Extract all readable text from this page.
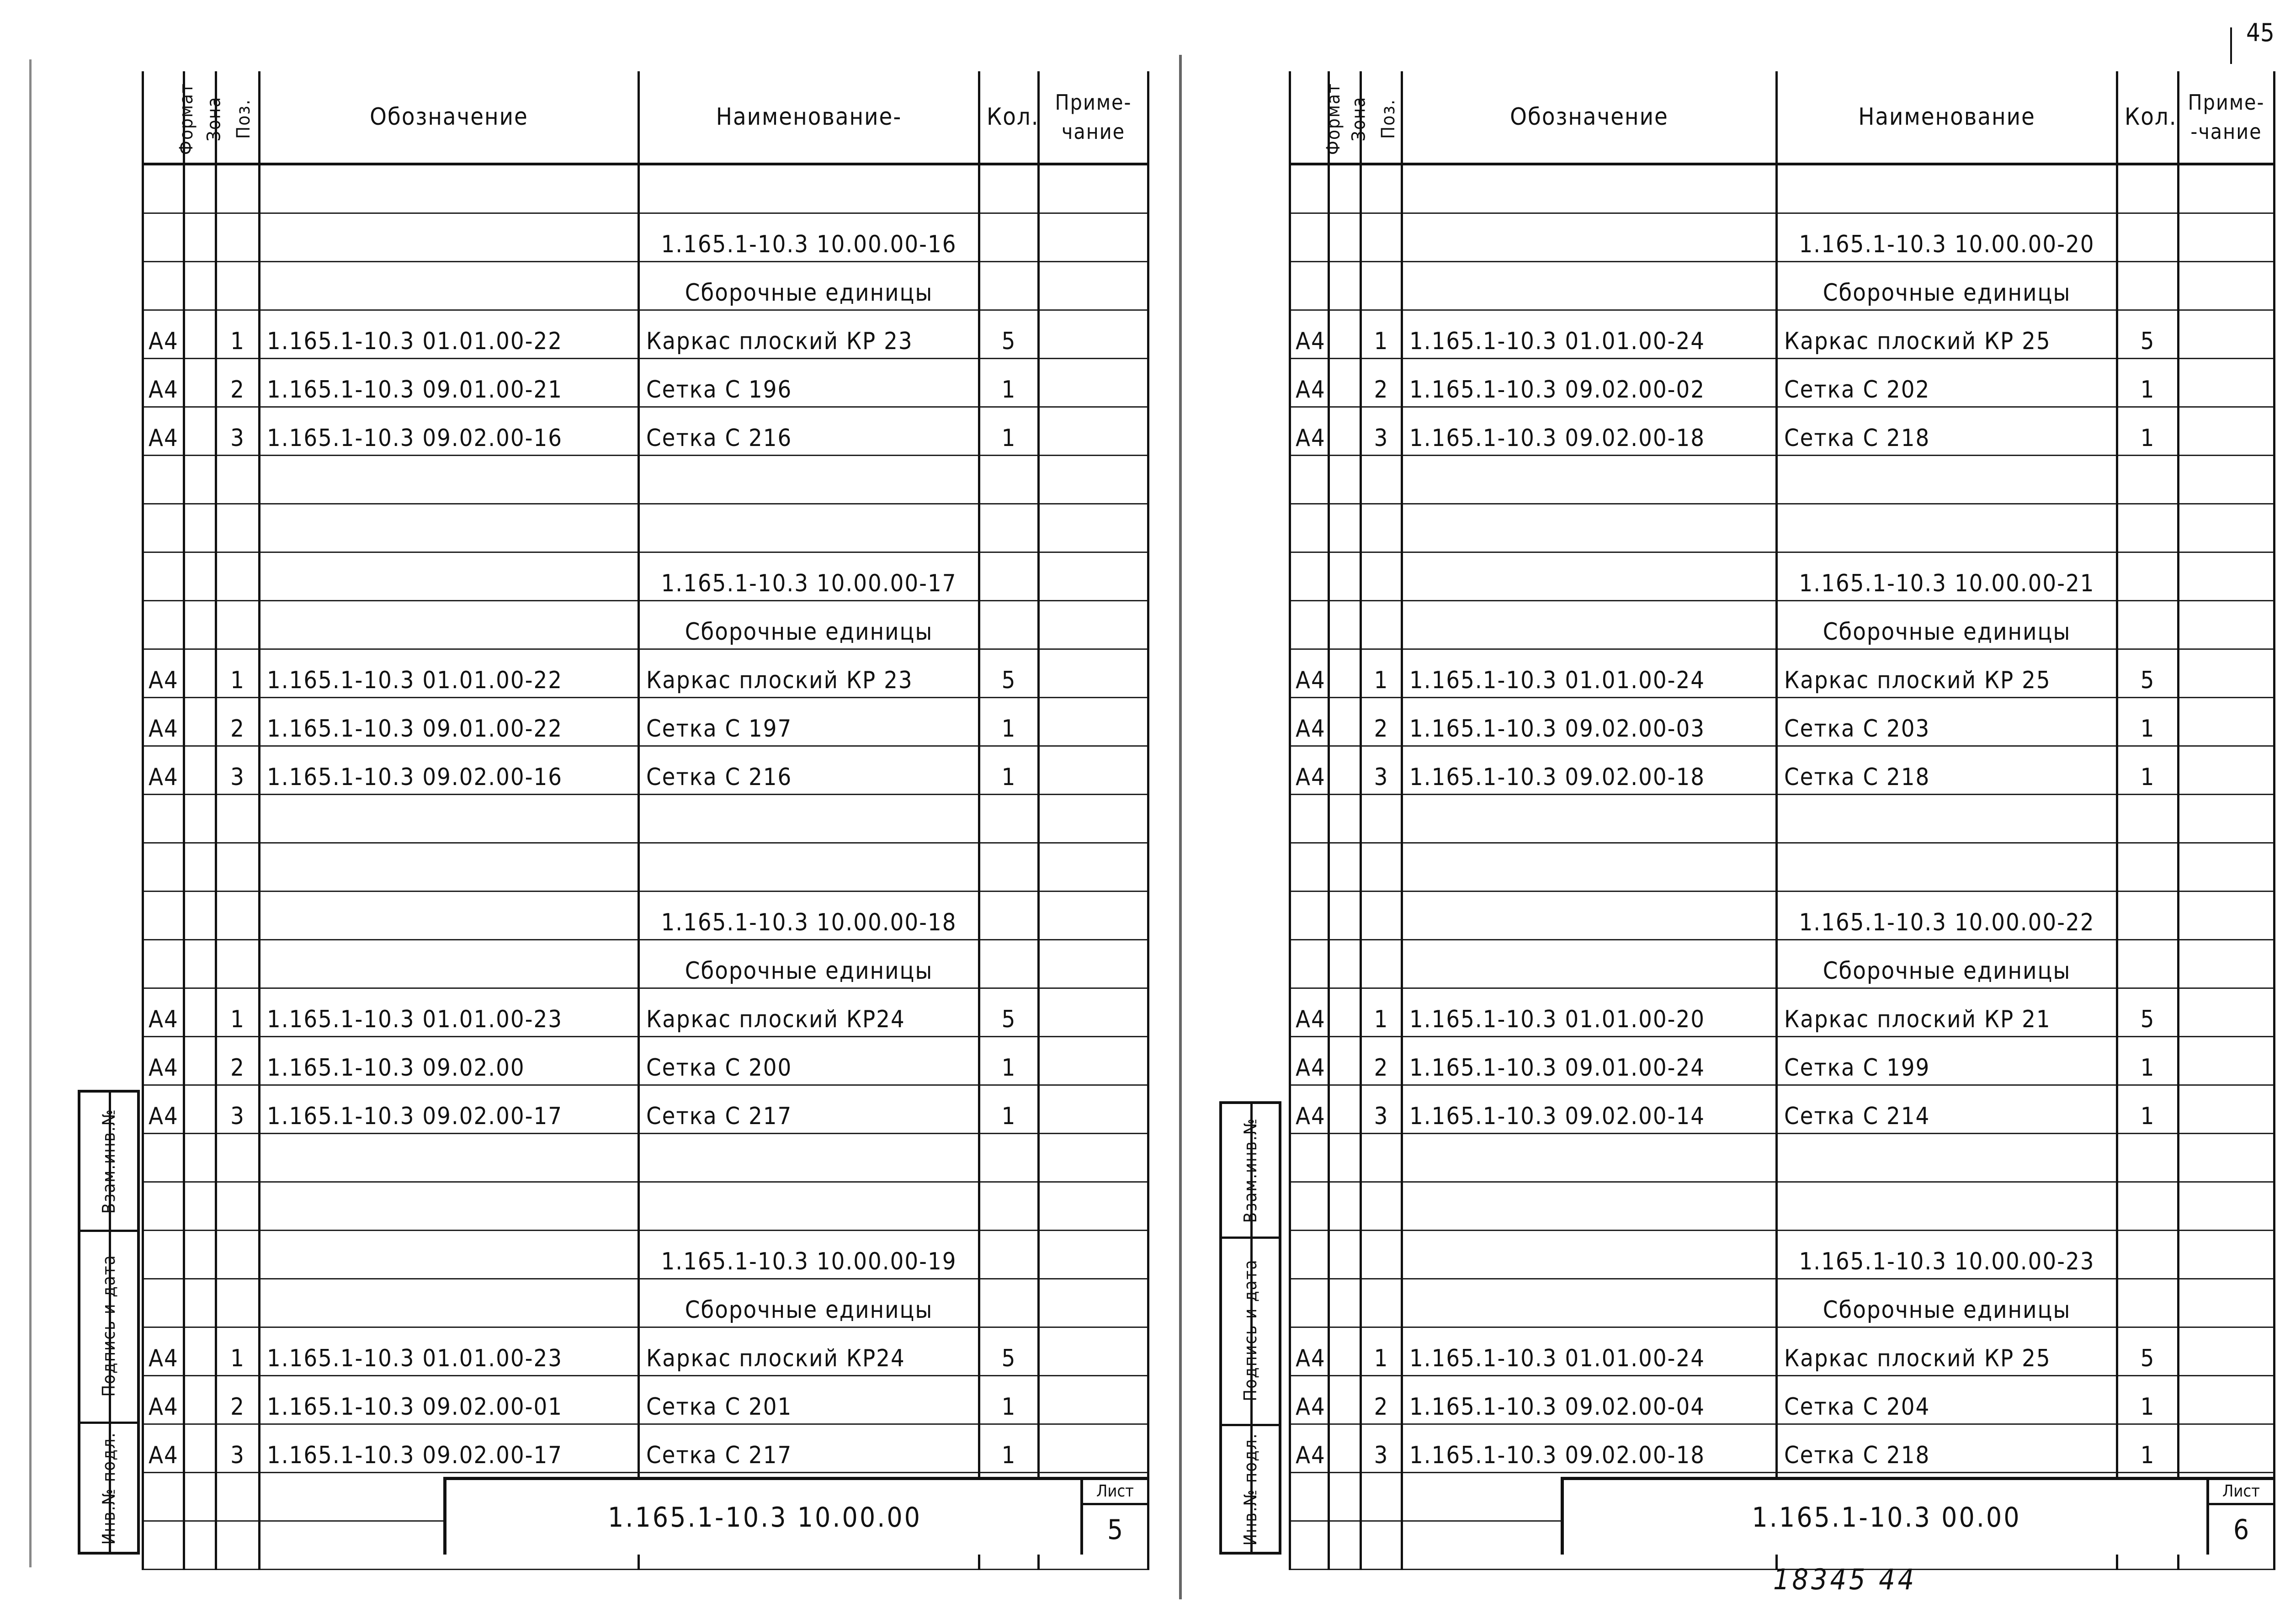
45
Формат	Зона	Поз.	Обозначение	Наименование-	Кол.	Приме-чание

				1.165.1-10.3 10.00.00-16		
				Сборочные единицы		
А4		1	1.165.1-10.3 01.01.00-22	Каркас плоский КР 23	5	
А4		2	1.165.1-10.3 09.01.00-21	Сетка С 196	1	
А4		3	1.165.1-10.3 09.02.00-16	Сетка С 216	1	

				1.165.1-10.3 10.00.00-17		
				Сборочные единицы		
А4		1	1.165.1-10.3 01.01.00-22	Каркас плоский КР 23	5	
А4		2	1.165.1-10.3 09.01.00-22	Сетка С 197	1	
А4		3	1.165.1-10.3 09.02.00-16	Сетка С 216	1	

				1.165.1-10.3 10.00.00-18		
				Сборочные единицы		
А4		1	1.165.1-10.3 01.01.00-23	Каркас плоский КР24	5	
А4		2	1.165.1-10.3 09.02.00	Сетка С 200	1	
А4		3	1.165.1-10.3 09.02.00-17	Сетка С 217	1	

				1.165.1-10.3 10.00.00-19		
				Сборочные единицы		
А4		1	1.165.1-10.3 01.01.00-23	Каркас плоский КР24	5	
А4		2	1.165.1-10.3 09.02.00-01	Сетка С 201	1	
А4		3	1.165.1-10.3 09.02.00-17	Сетка С 217	1	

1.165.1-10.3 10.00.00
Лист
5
Взам.инв.№
Подпись и дата
Инв.№ подл.
Формат	Зона	Поз.	Обозначение	Наименование	Кол.	Приме--чание

				1.165.1-10.3 10.00.00-20		
				Сборочные единицы		
А4		1	1.165.1-10.3 01.01.00-24	Каркас плоский КР 25	5	
А4		2	1.165.1-10.3 09.02.00-02	Сетка С 202	1	
А4		3	1.165.1-10.3 09.02.00-18	Сетка С 218	1	

				1.165.1-10.3 10.00.00-21		
				Сборочные единицы		
А4		1	1.165.1-10.3 01.01.00-24	Каркас плоский КР 25	5	
А4		2	1.165.1-10.3 09.02.00-03	Сетка С 203	1	
А4		3	1.165.1-10.3 09.02.00-18	Сетка С 218	1	

				1.165.1-10.3 10.00.00-22		
				Сборочные единицы		
А4		1	1.165.1-10.3 01.01.00-20	Каркас плоский КР 21	5	
А4		2	1.165.1-10.3 09.01.00-24	Сетка С 199	1	
А4		3	1.165.1-10.3 09.02.00-14	Сетка С 214	1	

				1.165.1-10.3 10.00.00-23		
				Сборочные единицы		
А4		1	1.165.1-10.3 01.01.00-24	Каркас плоский КР 25	5	
А4		2	1.165.1-10.3 09.02.00-04	Сетка С 204	1	
А4		3	1.165.1-10.3 09.02.00-18	Сетка С 218	1	

1.165.1-10.3 00.00
Лист
6
Взам.инв.№
Подпись и дата
Инв.№ подл.
18345 44
